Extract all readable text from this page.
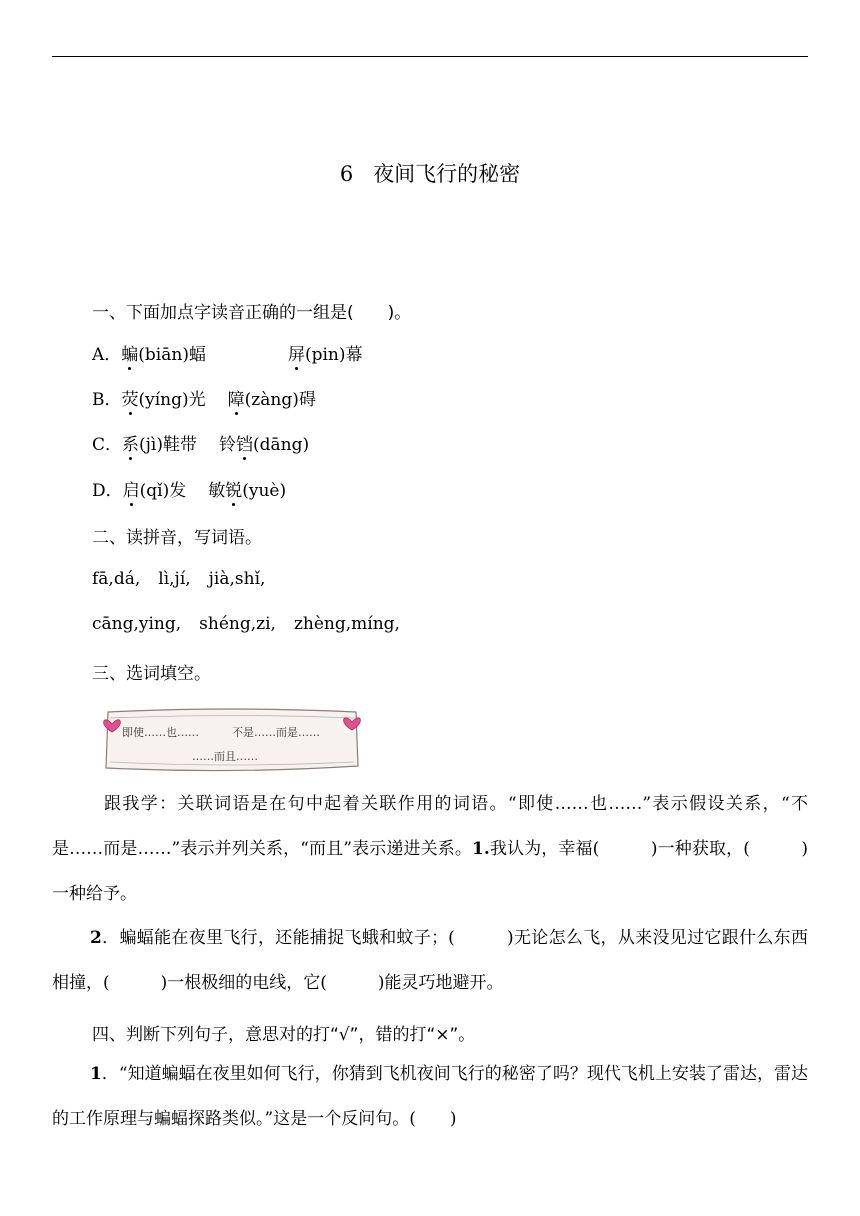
6 夜间飞行的秘密
一、下面加点字读音正确的一组是(　　)。
A．蝙(biān)蝠	屏(pin)幕
B．荧(yíng)光 障(zàng)碍
C．系(jì)鞋带 铃铛(dāng)
D．启(qǐ)发 敏锐(yuè)
二、读拼音，写词语。
fā,dá, lì,jí, jià,shǐ,
cāng,ying, shéng,zi, zhèng,míng,
三、选词填空。
即使……也……	不是……而是……
……而且……
跟我学：关联词语是在句中起着关联作用的词语。“即使……也……”表示假设关系，“不是……而是……”表示并列关系，“而且”表示递进关系。1.我认为，幸福(　　　)一种获取，(　　　)一种给予。
2．蝙蝠能在夜里飞行，还能捕捉飞蛾和蚊子；(　　　)无论怎么飞，从来没见过它跟什么东西相撞，(　　　)一根极细的电线，它(　　　)能灵巧地避开。
四、判断下列句子，意思对的打“√”，错的打“×”。
1．“知道蝙蝠在夜里如何飞行，你猜到飞机夜间飞行的秘密了吗？现代飞机上安装了雷达，雷达的工作原理与蝙蝠探路类似。”这是一个反问句。(　　)
